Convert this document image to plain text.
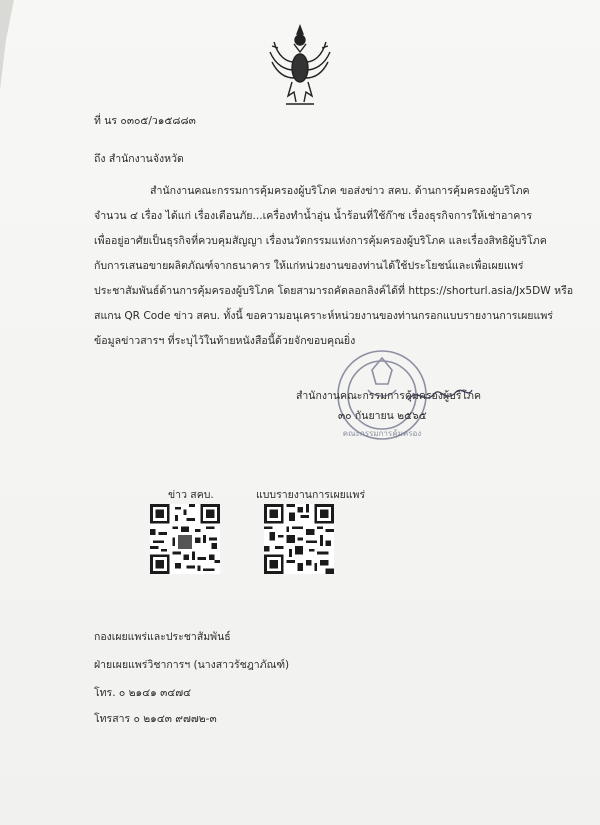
ที่ นร ๐๓๐๕/ว๑๕๘๘๓
ถึง สำนักงานจังหวัด
สำนักงานคณะกรรมการคุ้มครองผู้บริโภค ขอส่งข่าว สคบ. ด้านการคุ้มครองผู้บริโภค
จำนวน ๔ เรื่อง ได้แก่ เรื่องเตือนภัย...เครื่องทำน้ำอุ่น น้ำร้อนที่ใช้ก๊าซ เรื่องธุรกิจการให้เช่าอาคาร
เพื่ออยู่อาศัยเป็นธุรกิจที่ควบคุมสัญญา เรื่องนวัตกรรมแห่งการคุ้มครองผู้บริโภค และเรื่องสิทธิผู้บริโภค
กับการเสนอขายผลิตภัณฑ์จากธนาคาร ให้แก่หน่วยงานของท่านได้ใช้ประโยชน์และเพื่อเผยแพร่
ประชาสัมพันธ์ด้านการคุ้มครองผู้บริโภค โดยสามารถคัดลอกลิงค์ได้ที่ https://shorturl.asia/Jx5DW หรือ
สแกน QR Code ข่าว สคบ. ทั้งนี้ ขอความอนุเคราะห์หน่วยงานของท่านกรอกแบบรายงานการเผยแพร่
ข้อมูลข่าวสารฯ ที่ระบุไว้ในท้ายหนังสือนี้ด้วยจักขอบคุณยิ่ง
คณะกรรมการคุ้มครอง
สำนักงานคณะกรรมการคุ้มครองผู้บริโภค
๓๐ กันยายน ๒๕๖๕
ข่าว สคบ.	แบบรายงานการเผยแพร่
กองเผยแพร่และประชาสัมพันธ์
ฝ่ายเผยแพร่วิชาการฯ (นางสาวรัชฎาภัณฑ์)
โทร. ๐ ๒๑๔๑ ๓๔๗๔
โทรสาร ๐ ๒๑๔๓ ๙๗๗๒-๓
